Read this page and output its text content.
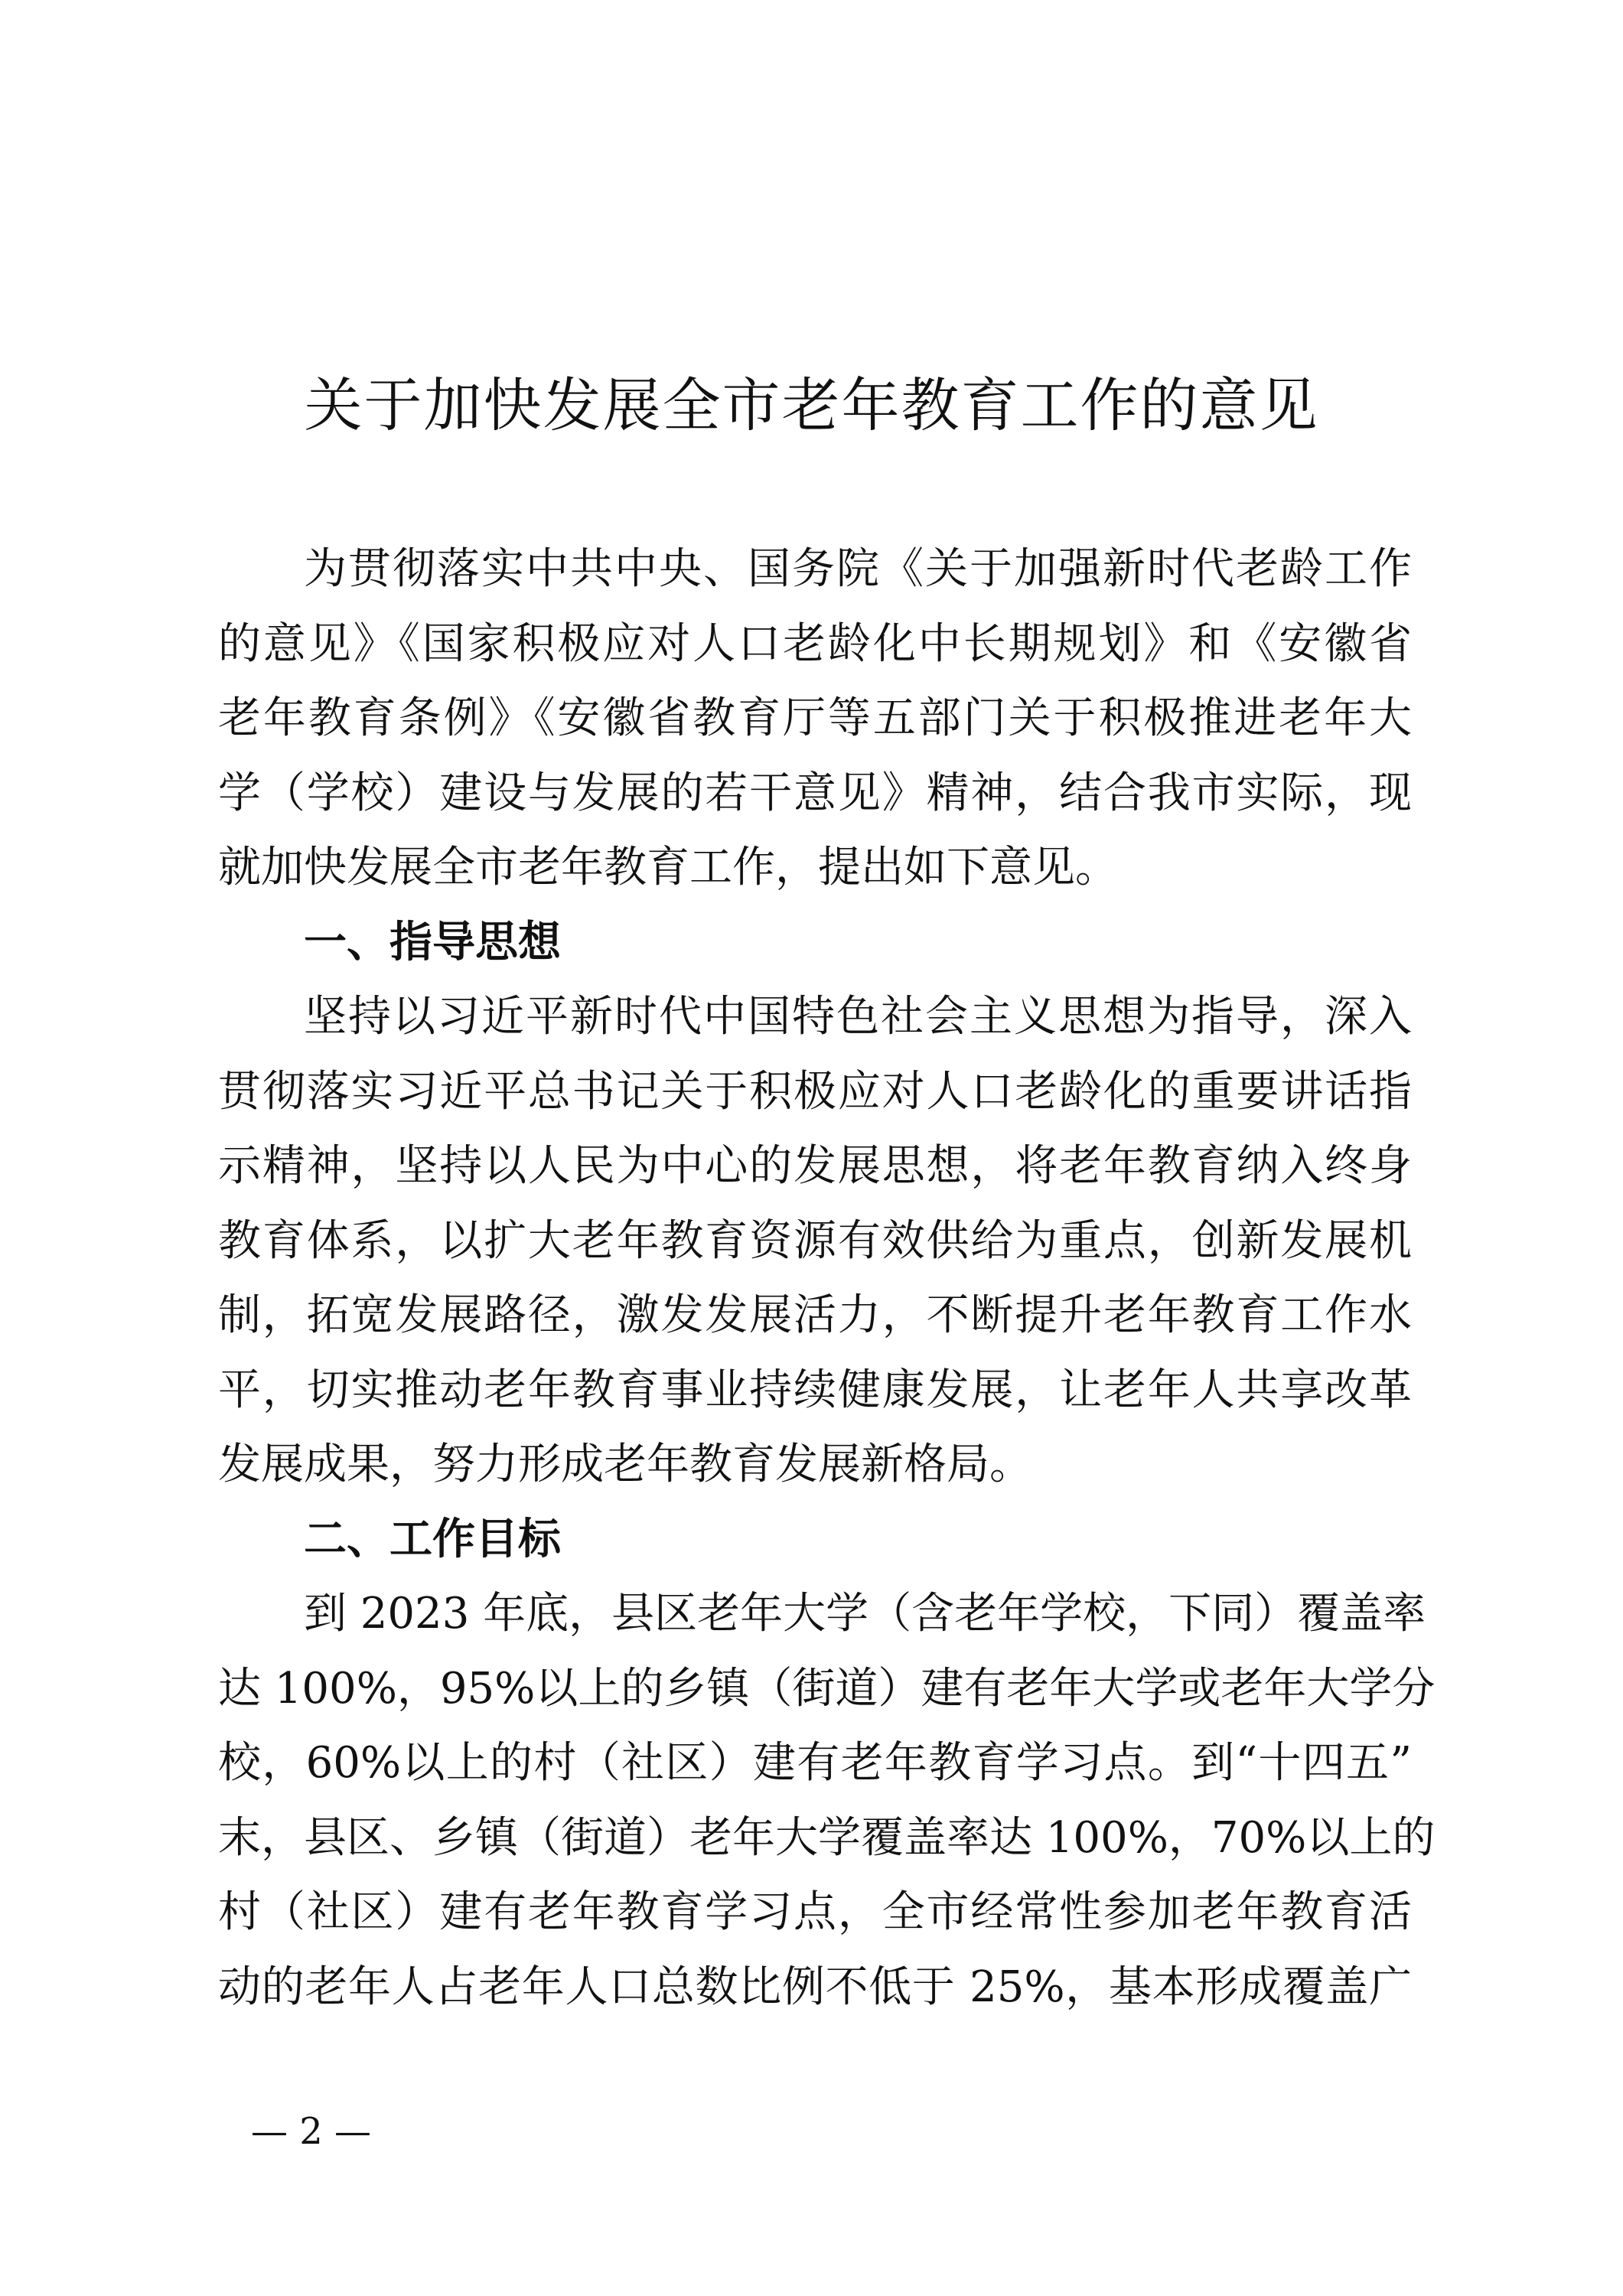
关于加快发展全市老年教育工作的意见
为贯彻落实中共中央、国务院《关于加强新时代老龄工作
的意见》《国家积极应对人口老龄化中长期规划》和《安徽省
老年教育条例》《安徽省教育厅等五部门关于积极推进老年大
学（学校）建设与发展的若干意见》精神，结合我市实际，现
就加快发展全市老年教育工作，提出如下意见。
一、指导思想
坚持以习近平新时代中国特色社会主义思想为指导，深入
贯彻落实习近平总书记关于积极应对人口老龄化的重要讲话指
示精神，坚持以人民为中心的发展思想，将老年教育纳入终身
教育体系，以扩大老年教育资源有效供给为重点，创新发展机
制，拓宽发展路径，激发发展活力，不断提升老年教育工作水
平，切实推动老年教育事业持续健康发展，让老年人共享改革
发展成果，努力形成老年教育发展新格局。
二、工作目标
到 2023 年底，县区老年大学（含老年学校，下同）覆盖率
达 100%，95%以上的乡镇（街道）建有老年大学或老年大学分
校，60%以上的村（社区）建有老年教育学习点。到“十四五”
末，县区、乡镇（街道）老年大学覆盖率达 100%，70%以上的
村（社区）建有老年教育学习点，全市经常性参加老年教育活
动的老年人占老年人口总数比例不低于 25%，基本形成覆盖广
— 2 —
